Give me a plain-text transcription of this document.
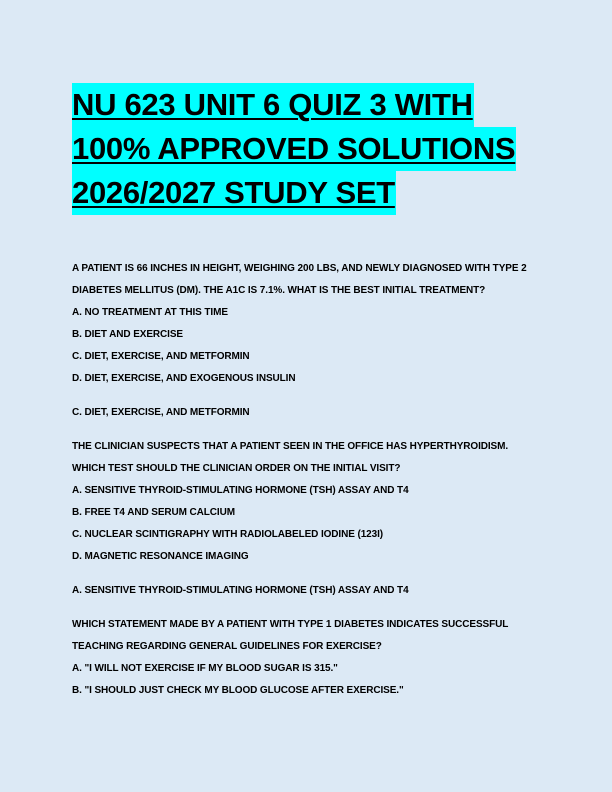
NU 623 UNIT 6 QUIZ 3 WITH
100% APPROVED SOLUTIONS
2026/2027 STUDY SET
A PATIENT IS 66 INCHES IN HEIGHT, WEIGHING 200 LBS, AND NEWLY DIAGNOSED WITH TYPE 2
DIABETES MELLITUS (DM). THE A1C IS 7.1%. WHAT IS THE BEST INITIAL TREATMENT?
A. NO TREATMENT AT THIS TIME
B. DIET AND EXERCISE
C. DIET, EXERCISE, AND METFORMIN
D. DIET, EXERCISE, AND EXOGENOUS INSULIN
C. DIET, EXERCISE, AND METFORMIN
THE CLINICIAN SUSPECTS THAT A PATIENT SEEN IN THE OFFICE HAS HYPERTHYROIDISM.
WHICH TEST SHOULD THE CLINICIAN ORDER ON THE INITIAL VISIT?
A. SENSITIVE THYROID-STIMULATING HORMONE (TSH) ASSAY AND T4
B. FREE T4 AND SERUM CALCIUM
C. NUCLEAR SCINTIGRAPHY WITH RADIOLABELED IODINE (123I)
D. MAGNETIC RESONANCE IMAGING
A. SENSITIVE THYROID-STIMULATING HORMONE (TSH) ASSAY AND T4
WHICH STATEMENT MADE BY A PATIENT WITH TYPE 1 DIABETES INDICATES SUCCESSFUL
TEACHING REGARDING GENERAL GUIDELINES FOR EXERCISE?
A. "I WILL NOT EXERCISE IF MY BLOOD SUGAR IS 315."
B. "I SHOULD JUST CHECK MY BLOOD GLUCOSE AFTER EXERCISE."
